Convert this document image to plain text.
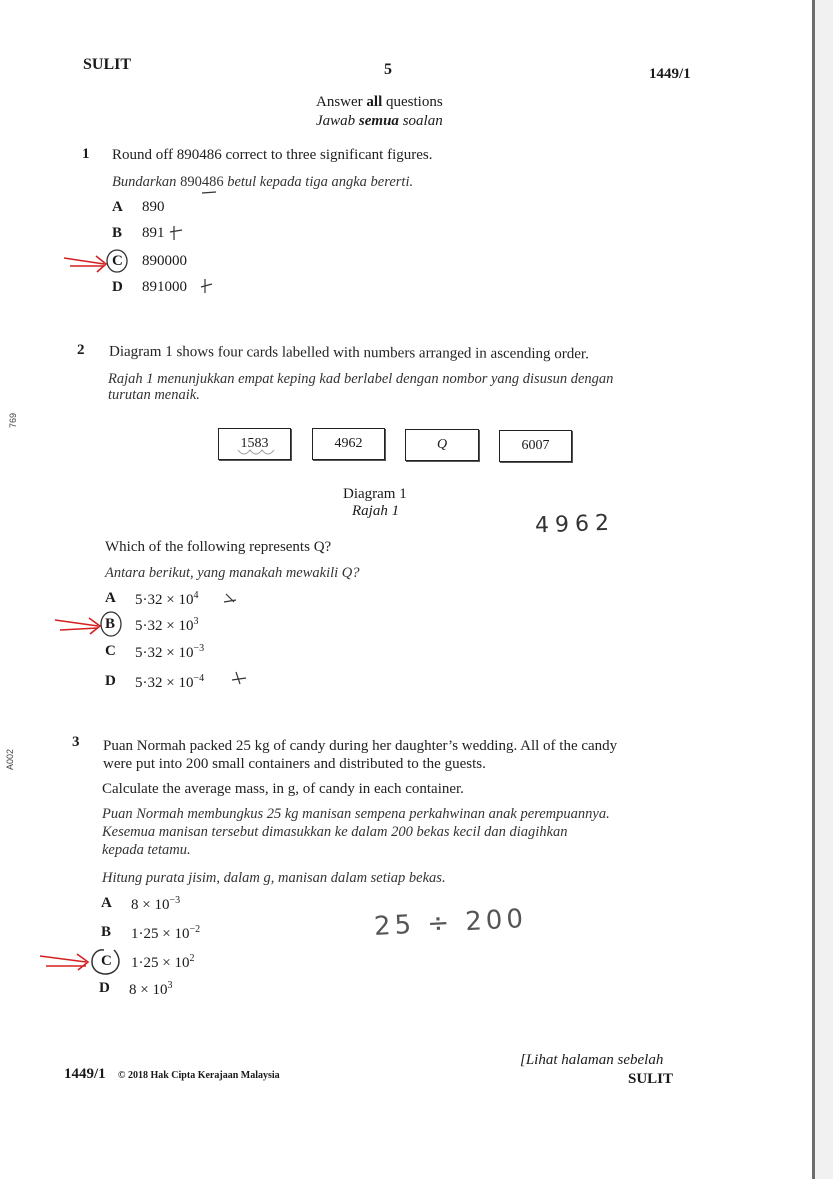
SULIT	5	1449/1
Answer all questions
Jawab semua soalan
1 Round off 890486 correct to three significant figures.
Bundarkan 890486 betul kepada tiga angka bererti.
A 890
B 891
C 890000
D 891000
2 Diagram 1 shows four cards labelled with numbers arranged in ascending order.
Rajah 1 menunjukkan empat keping kad berlabel dengan nombor yang disusun dengan
turutan menaik.
1583	4962	Q	6007
Diagram 1
Rajah 1	4962
Which of the following represents Q?
Antara berikut, yang manakah mewakili Q?
A $5\cdot 32 \times 10^4$
B $5\cdot 32 \times 10^3$
C $5\cdot 32 \times 10^{-3}$
D $5\cdot 32 \times 10^{-4}$
3 Puan Normah packed 25 kg of candy during her daughter’s wedding. All of the candy
were put into 200 small containers and distributed to the guests.
Calculate the average mass, in g, of candy in each container.
Puan Normah membungkus 25 kg manisan sempena perkahwinan anak perempuannya.
Kesemua manisan tersebut dimasukkan ke dalam 200 bekas kecil dan diagihkan
kepada tetamu.
Hitung purata jisim, dalam g, manisan dalam setiap bekas.
A $8 \times 10^{-3}$
B $1\cdot 25 \times 10^{-2}$
C $1\cdot 25 \times 10^2$
D $8 \times 10^3$
25 ÷ 200
769
A002
1449/1 © 2018 Hak Cipta Kerajaan Malaysia
[Lihat halaman sebelah
SULIT
